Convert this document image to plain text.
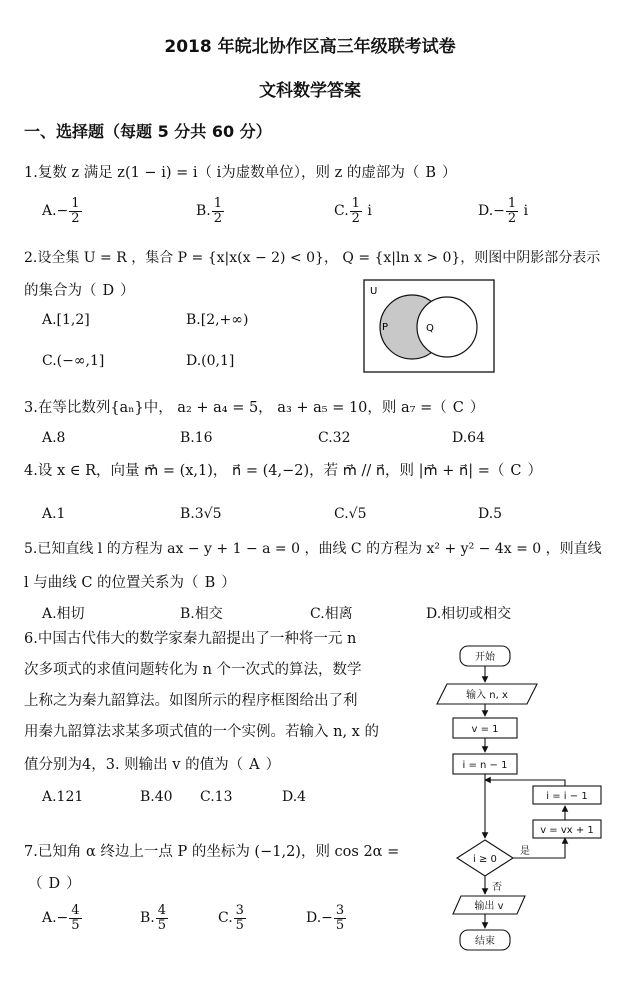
2018 年皖北协作区高三年级联考试卷
文科数学答案
一、选择题（每题 5 分共 60 分）
1.复数 z 满足 z(1 − i) = i（ i为虚数单位），则 z 的虚部为（ B ）
$A.- \frac{1}{2}$	B. $\frac{1}{2}$	C. $\frac{1}{2}$ i	$D.- \frac{1}{2}$ i
2.设全集 U = R ，集合 P = {x|x(x − 2) < 0}， Q = {x|ln x > 0}，则图中阴影部分表示
的集合为（ D ）
A.[1,2]	B.[2,+∞)
C.(−∞,1]	D.(0,1]
U
P	Q
3.在等比数列{aₙ}中， a₂ + a₄ = 5， a₃ + a₅ = 10，则 a₇ =（ C ）
A.8	B.16	C.32	D.64
4.设 x ∈ R，向量 m⃗ = (x,1)， n⃗ = (4,−2)，若 m⃗ // n⃗，则 |m⃗ + n⃗| =（ C ）
A.1	B.3√5	C.√5	D.5
5.已知直线 l 的方程为 ax − y + 1 − a = 0 ，曲线 C 的方程为 x² + y² − 4x = 0 ，则直线
l 与曲线 C 的位置关系为（ B ）
A.相切	B.相交	C.相离	D.相切或相交
6.中国古代伟大的数学家秦九韶提出了一种将一元 n
次多项式的求值问题转化为 n 个一次式的算法，数学
上称之为秦九韶算法。如图所示的程序框图给出了利
用秦九韶算法求某多项式值的一个实例。若输入 n, x 的
值分别为4，3. 则输出 v 的值为（ A ）
A.121	B.40 C.13	D.4
开始
输入 n, x
v = 1
i = n − 1
i = i − 1
v = vx + 1
i ≥ 0
是
否
输出 v
结束
7.已知角 α 终边上一点 P 的坐标为 (−1,2)，则 cos 2α =
（ D ）
$A.- \frac{4}{5}$	B. $\frac{4}{5}$	C. $\frac{3}{5}$	$D.- \frac{3}{5}$
